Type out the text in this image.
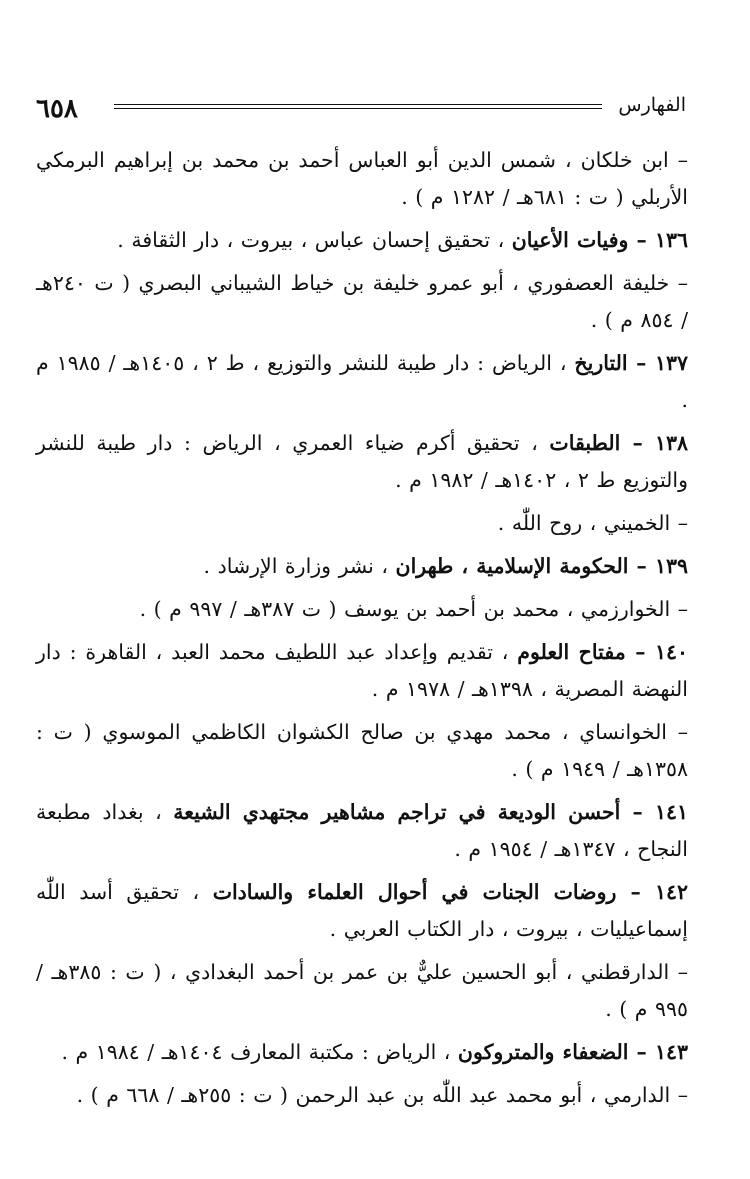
٦٥٨	الفهارس
– ابن خلكان ، شمس الدين أبو العباس أحمد بن محمد بن إبراهيم البرمكي الأربلي ( ت : ٦٨١هـ / ١٢٨٢ م ) .
١٣٦ – وفيات الأعيان ، تحقيق إحسان عباس ، بيروت ، دار الثقافة .
– خليفة العصفوري ، أبو عمرو خليفة بن خياط الشيباني البصري ( ت ٢٤٠هـ / ٨٥٤ م ) .
١٣٧ – التاريخ ، الرياض : دار طيبة للنشر والتوزيع ، ط ٢ ، ١٤٠٥هـ / ١٩٨٥ م .
١٣٨ – الطبقات ، تحقيق أكرم ضياء العمري ، الرياض : دار طيبة للنشر والتوزيع ط ٢ ، ١٤٠٢هـ / ١٩٨٢ م .
– الخميني ، روح اللّٰه .
١٣٩ – الحكومة الإسلامية ، طهران ، نشر وزارة الإرشاد .
– الخوارزمي ، محمد بن أحمد بن يوسف ( ت ٣٨٧هـ / ٩٩٧ م ) .
١٤٠ – مفتاح العلوم ، تقديم وإعداد عبد اللطيف محمد العبد ، القاهرة : دار النهضة المصرية ، ١٣٩٨هـ / ١٩٧٨ م .
– الخوانساي ، محمد مهدي بن صالح الكشوان الكاظمي الموسوي ( ت : ١٣٥٨هـ / ١٩٤٩ م ) .
١٤١ – أحسن الوديعة في تراجم مشاهير مجتهدي الشيعة ، بغداد مطبعة النجاح ، ١٣٤٧هـ / ١٩٥٤ م .
١٤٢ – روضات الجنات في أحوال العلماء والسادات ، تحقيق أسد اللّٰه إسماعيليات ، بيروت ، دار الكتاب العربي .
– الدارقطني ، أبو الحسين عليٌّ بن عمر بن أحمد البغدادي ، ( ت : ٣٨٥هـ / ٩٩٥ م ) .
١٤٣ – الضعفاء والمتروكون ، الرياض : مكتبة المعارف ١٤٠٤هـ / ١٩٨٤ م .
– الدارمي ، أبو محمد عبد اللّٰه بن عبد الرحمن ( ت : ٢٥٥هـ / ٦٦٨ م ) .
